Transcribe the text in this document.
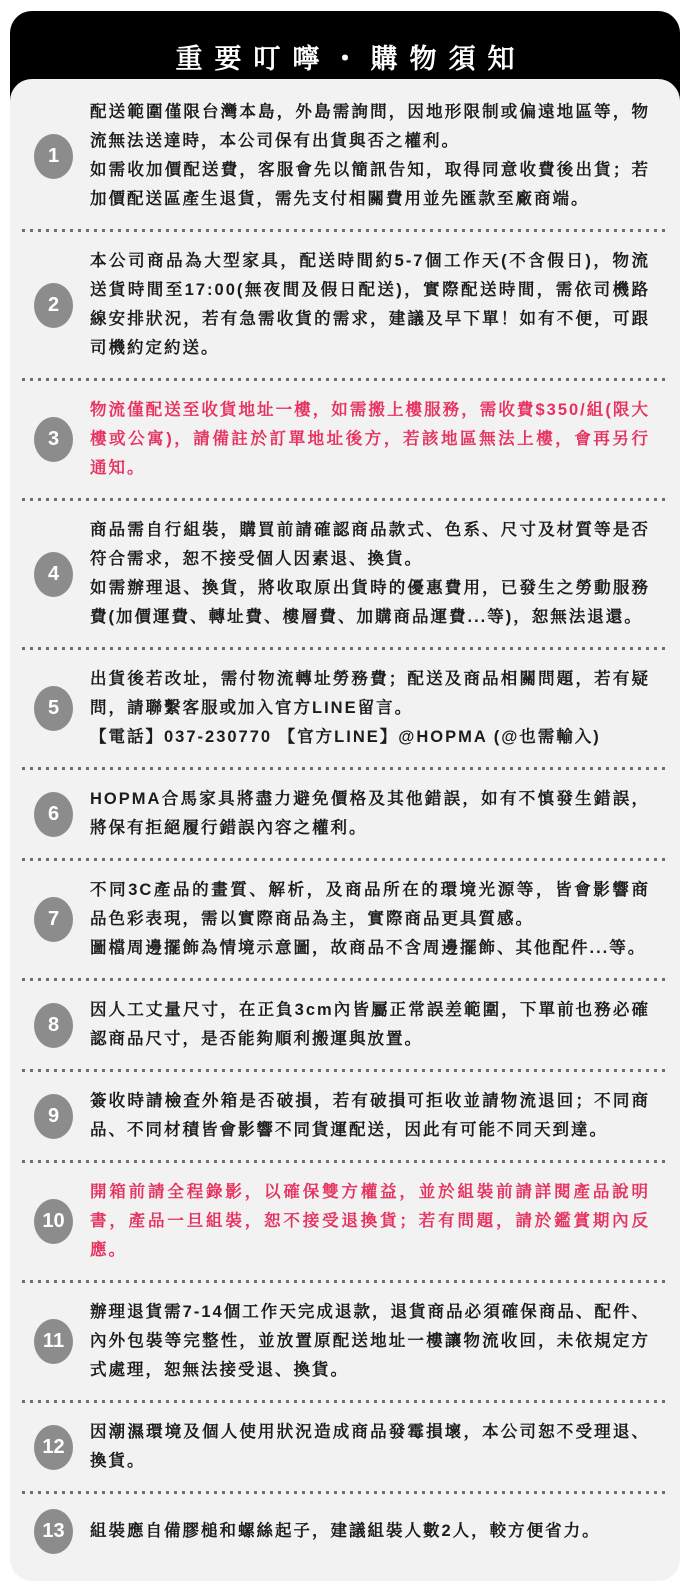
重要叮嚀・購物須知
1

配送範圍僅限台灣本島，外島需詢問，因地形限制或偏遠地區等，物流無法送達時，本公司保有出貨與否之權利。

如需收加價配送費，客服會先以簡訊告知，取得同意收費後出貨；若加價配送區產生退貨，需先支付相關費用並先匯款至廠商端。

2

本公司商品為大型家具，配送時間約5-7個工作天(不含假日)，物流送貨時間至17:00(無夜間及假日配送)，實際配送時間，需依司機路線安排狀況，若有急需收貨的需求，建議及早下單！如有不便，可跟司機約定約送。

3

物流僅配送至收貨地址一樓，如需搬上樓服務，需收費$350/組(限大樓或公寓)，請備註於訂單地址後方，若該地區無法上樓，會再另行通知。

4

商品需自行組裝，購買前請確認商品款式、色系、尺寸及材質等是否符合需求，恕不接受個人因素退、換貨。

如需辦理退、換貨，將收取原出貨時的優惠費用，已發生之勞動服務費(加價運費、轉址費、樓層費、加購商品運費...等)，恕無法退還。

5

出貨後若改址，需付物流轉址勞務費；配送及商品相關問題，若有疑問，請聯繫客服或加入官方LINE留言。

【電話】037-230770 【官方LINE】@HOPMA (@也需輸入)

6

HOPMA合馬家具將盡力避免價格及其他錯誤，如有不慎發生錯誤，將保有拒絕履行錯誤內容之權利。

7

不同3C產品的畫質、解析，及商品所在的環境光源等，皆會影響商品色彩表現，需以實際商品為主，實際商品更具質感。

圖檔周邊擺飾為情境示意圖，故商品不含周邊擺飾、其他配件...等。

8

因人工丈量尺寸，在正負3cm內皆屬正常誤差範圍，下單前也務必確認商品尺寸，是否能夠順利搬運與放置。

9

簽收時請檢查外箱是否破損，若有破損可拒收並請物流退回；不同商品、不同材積皆會影響不同貨運配送，因此有可能不同天到達。

10

開箱前請全程錄影，以確保雙方權益，並於組裝前請詳閱產品說明書，產品一旦組裝，恕不接受退換貨；若有問題，請於鑑賞期內反應。

11

辦理退貨需7-14個工作天完成退款，退貨商品必須確保商品、配件、內外包裝等完整性，並放置原配送地址一樓讓物流收回，未依規定方式處理，恕無法接受退、換貨。

12

因潮濕環境及個人使用狀況造成商品發霉損壞，本公司恕不受理退、換貨。

13	組裝應自備膠槌和螺絲起子，建議組裝人數2人，較方便省力。
